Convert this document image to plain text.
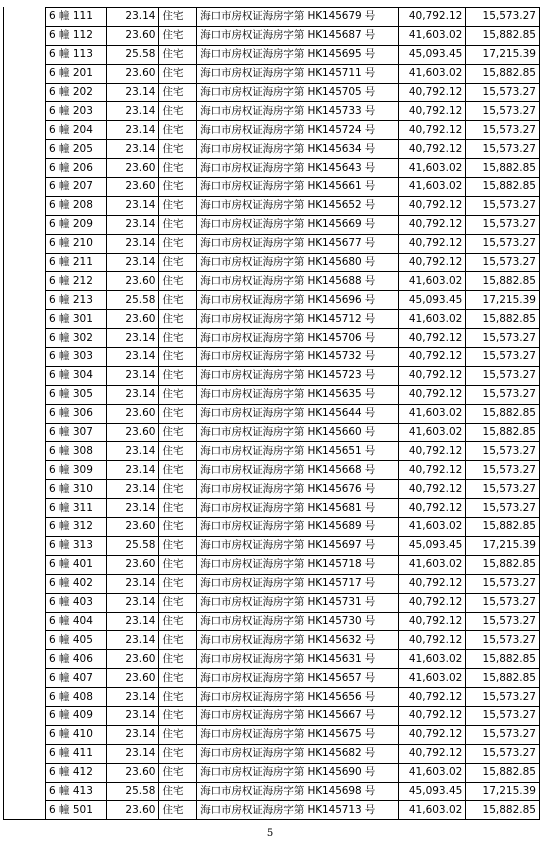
6 幢 111	23.14	住宅	海口市房权证海房字第 HK145679 号	40,792.12	15,573.27
6 幢 112	23.60	住宅	海口市房权证海房字第 HK145687 号	41,603.02	15,882.85
6 幢 113	25.58	住宅	海口市房权证海房字第 HK145695 号	45,093.45	17,215.39
6 幢 201	23.60	住宅	海口市房权证海房字第 HK145711 号	41,603.02	15,882.85
6 幢 202	23.14	住宅	海口市房权证海房字第 HK145705 号	40,792.12	15,573.27
6 幢 203	23.14	住宅	海口市房权证海房字第 HK145733 号	40,792.12	15,573.27
6 幢 204	23.14	住宅	海口市房权证海房字第 HK145724 号	40,792.12	15,573.27
6 幢 205	23.14	住宅	海口市房权证海房字第 HK145634 号	40,792.12	15,573.27
6 幢 206	23.60	住宅	海口市房权证海房字第 HK145643 号	41,603.02	15,882.85
6 幢 207	23.60	住宅	海口市房权证海房字第 HK145661 号	41,603.02	15,882.85
6 幢 208	23.14	住宅	海口市房权证海房字第 HK145652 号	40,792.12	15,573.27
6 幢 209	23.14	住宅	海口市房权证海房字第 HK145669 号	40,792.12	15,573.27
6 幢 210	23.14	住宅	海口市房权证海房字第 HK145677 号	40,792.12	15,573.27
6 幢 211	23.14	住宅	海口市房权证海房字第 HK145680 号	40,792.12	15,573.27
6 幢 212	23.60	住宅	海口市房权证海房字第 HK145688 号	41,603.02	15,882.85
6 幢 213	25.58	住宅	海口市房权证海房字第 HK145696 号	45,093.45	17,215.39
6 幢 301	23.60	住宅	海口市房权证海房字第 HK145712 号	41,603.02	15,882.85
6 幢 302	23.14	住宅	海口市房权证海房字第 HK145706 号	40,792.12	15,573.27
6 幢 303	23.14	住宅	海口市房权证海房字第 HK145732 号	40,792.12	15,573.27
6 幢 304	23.14	住宅	海口市房权证海房字第 HK145723 号	40,792.12	15,573.27
6 幢 305	23.14	住宅	海口市房权证海房字第 HK145635 号	40,792.12	15,573.27
6 幢 306	23.60	住宅	海口市房权证海房字第 HK145644 号	41,603.02	15,882.85
6 幢 307	23.60	住宅	海口市房权证海房字第 HK145660 号	41,603.02	15,882.85
6 幢 308	23.14	住宅	海口市房权证海房字第 HK145651 号	40,792.12	15,573.27
6 幢 309	23.14	住宅	海口市房权证海房字第 HK145668 号	40,792.12	15,573.27
6 幢 310	23.14	住宅	海口市房权证海房字第 HK145676 号	40,792.12	15,573.27
6 幢 311	23.14	住宅	海口市房权证海房字第 HK145681 号	40,792.12	15,573.27
6 幢 312	23.60	住宅	海口市房权证海房字第 HK145689 号	41,603.02	15,882.85
6 幢 313	25.58	住宅	海口市房权证海房字第 HK145697 号	45,093.45	17,215.39
6 幢 401	23.60	住宅	海口市房权证海房字第 HK145718 号	41,603.02	15,882.85
6 幢 402	23.14	住宅	海口市房权证海房字第 HK145717 号	40,792.12	15,573.27
6 幢 403	23.14	住宅	海口市房权证海房字第 HK145731 号	40,792.12	15,573.27
6 幢 404	23.14	住宅	海口市房权证海房字第 HK145730 号	40,792.12	15,573.27
6 幢 405	23.14	住宅	海口市房权证海房字第 HK145632 号	40,792.12	15,573.27
6 幢 406	23.60	住宅	海口市房权证海房字第 HK145631 号	41,603.02	15,882.85
6 幢 407	23.60	住宅	海口市房权证海房字第 HK145657 号	41,603.02	15,882.85
6 幢 408	23.14	住宅	海口市房权证海房字第 HK145656 号	40,792.12	15,573.27
6 幢 409	23.14	住宅	海口市房权证海房字第 HK145667 号	40,792.12	15,573.27
6 幢 410	23.14	住宅	海口市房权证海房字第 HK145675 号	40,792.12	15,573.27
6 幢 411	23.14	住宅	海口市房权证海房字第 HK145682 号	40,792.12	15,573.27
6 幢 412	23.60	住宅	海口市房权证海房字第 HK145690 号	41,603.02	15,882.85
6 幢 413	25.58	住宅	海口市房权证海房字第 HK145698 号	45,093.45	17,215.39
6 幢 501	23.60	住宅	海口市房权证海房字第 HK145713 号	41,603.02	15,882.85
5
